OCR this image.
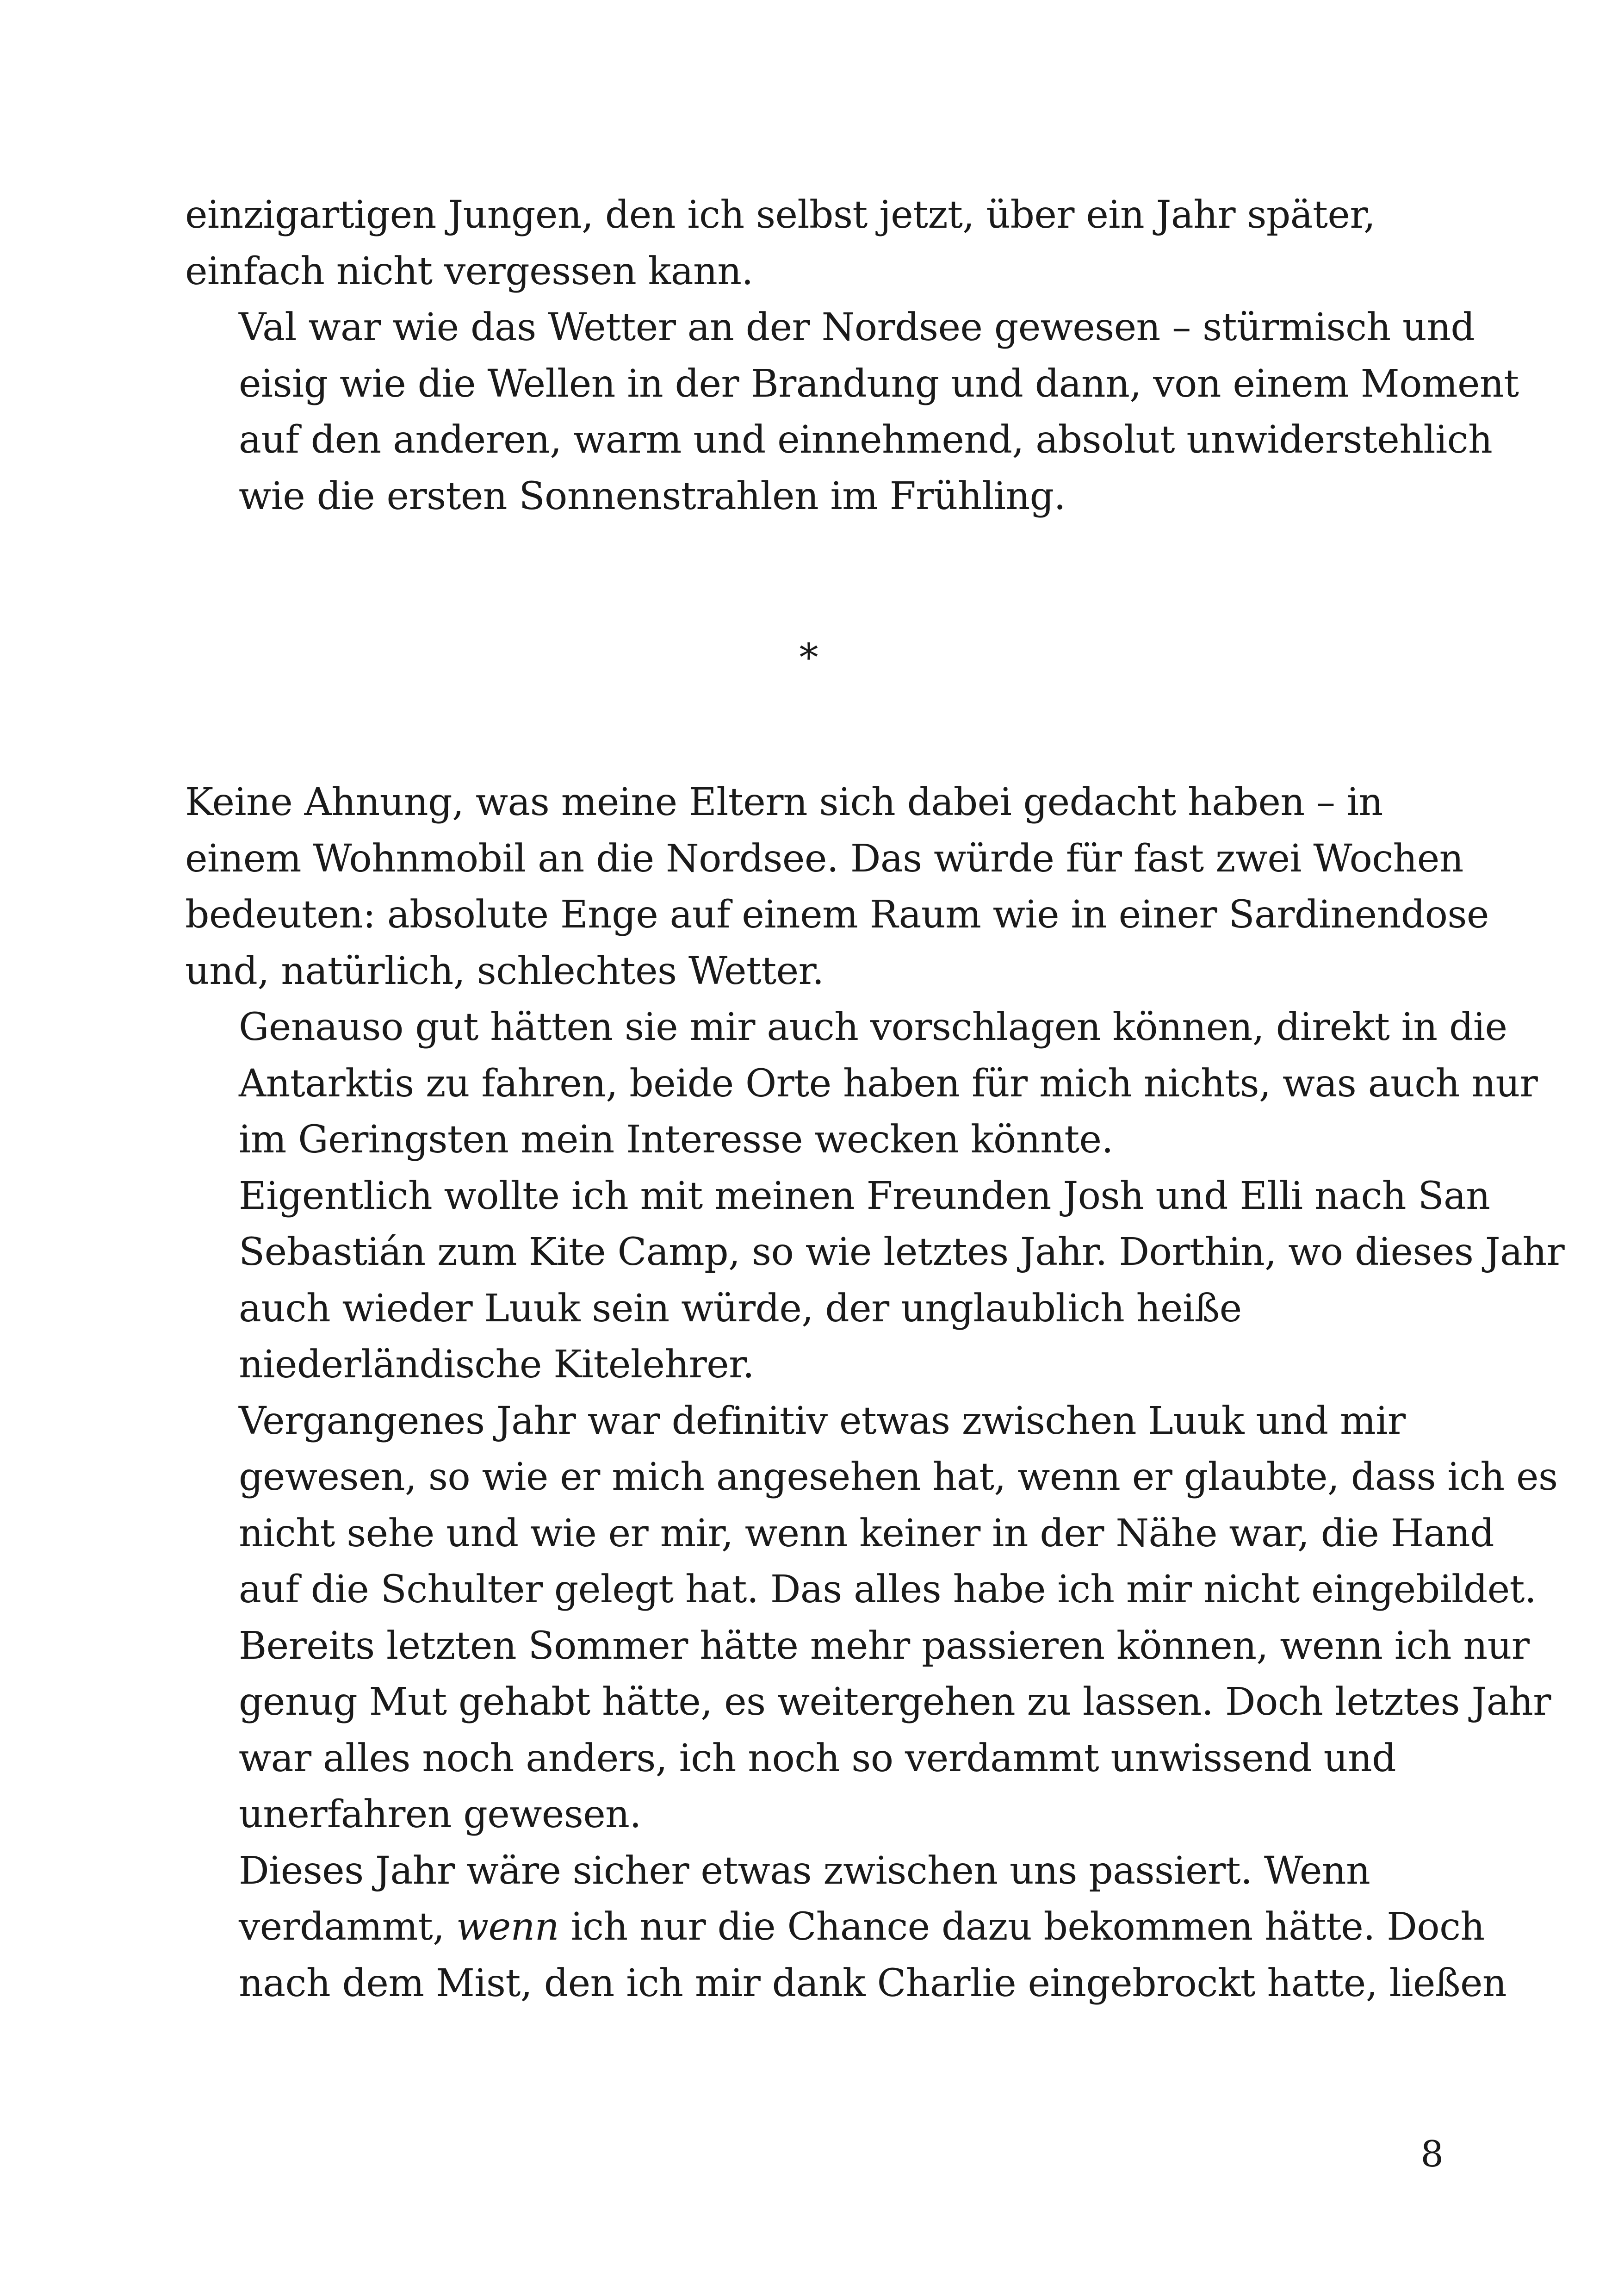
einzigartigen Jungen, den ich selbst jetzt, über ein Jahr später,
einfach nicht vergessen kann.

Val war wie das Wetter an der Nordsee gewesen – stürmisch und
eisig wie die Wellen in der Brandung und dann, von einem Moment
auf den anderen, warm und einnehmend, absolut unwiderstehlich
wie die ersten Sonnenstrahlen im Frühling.

*

Keine Ahnung, was meine Eltern sich dabei gedacht haben – in
einem Wohnmobil an die Nordsee. Das würde für fast zwei Wochen
bedeuten: absolute Enge auf einem Raum wie in einer Sardinendose
und, natürlich, schlechtes Wetter.

Genauso gut hätten sie mir auch vorschlagen können, direkt in die
Antarktis zu fahren, beide Orte haben für mich nichts, was auch nur
im Geringsten mein Interesse wecken könnte.

Eigentlich wollte ich mit meinen Freunden Josh und Elli nach San
Sebastián zum Kite Camp, so wie letztes Jahr. Dorthin, wo dieses Jahr
auch wieder Luuk sein würde, der unglaublich heiße
niederländische Kitelehrer.

Vergangenes Jahr war definitiv etwas zwischen Luuk und mir
gewesen, so wie er mich angesehen hat, wenn er glaubte, dass ich es
nicht sehe und wie er mir, wenn keiner in der Nähe war, die Hand
auf die Schulter gelegt hat. Das alles habe ich mir nicht eingebildet.
Bereits letzten Sommer hätte mehr passieren können, wenn ich nur
genug Mut gehabt hätte, es weitergehen zu lassen. Doch letztes Jahr
war alles noch anders, ich noch so verdammt unwissend und
unerfahren gewesen.

Dieses Jahr wäre sicher etwas zwischen uns passiert. Wenn
verdammt, wenn ich nur die Chance dazu bekommen hätte. Doch
nach dem Mist, den ich mir dank Charlie eingebrockt hatte, ließen

8
